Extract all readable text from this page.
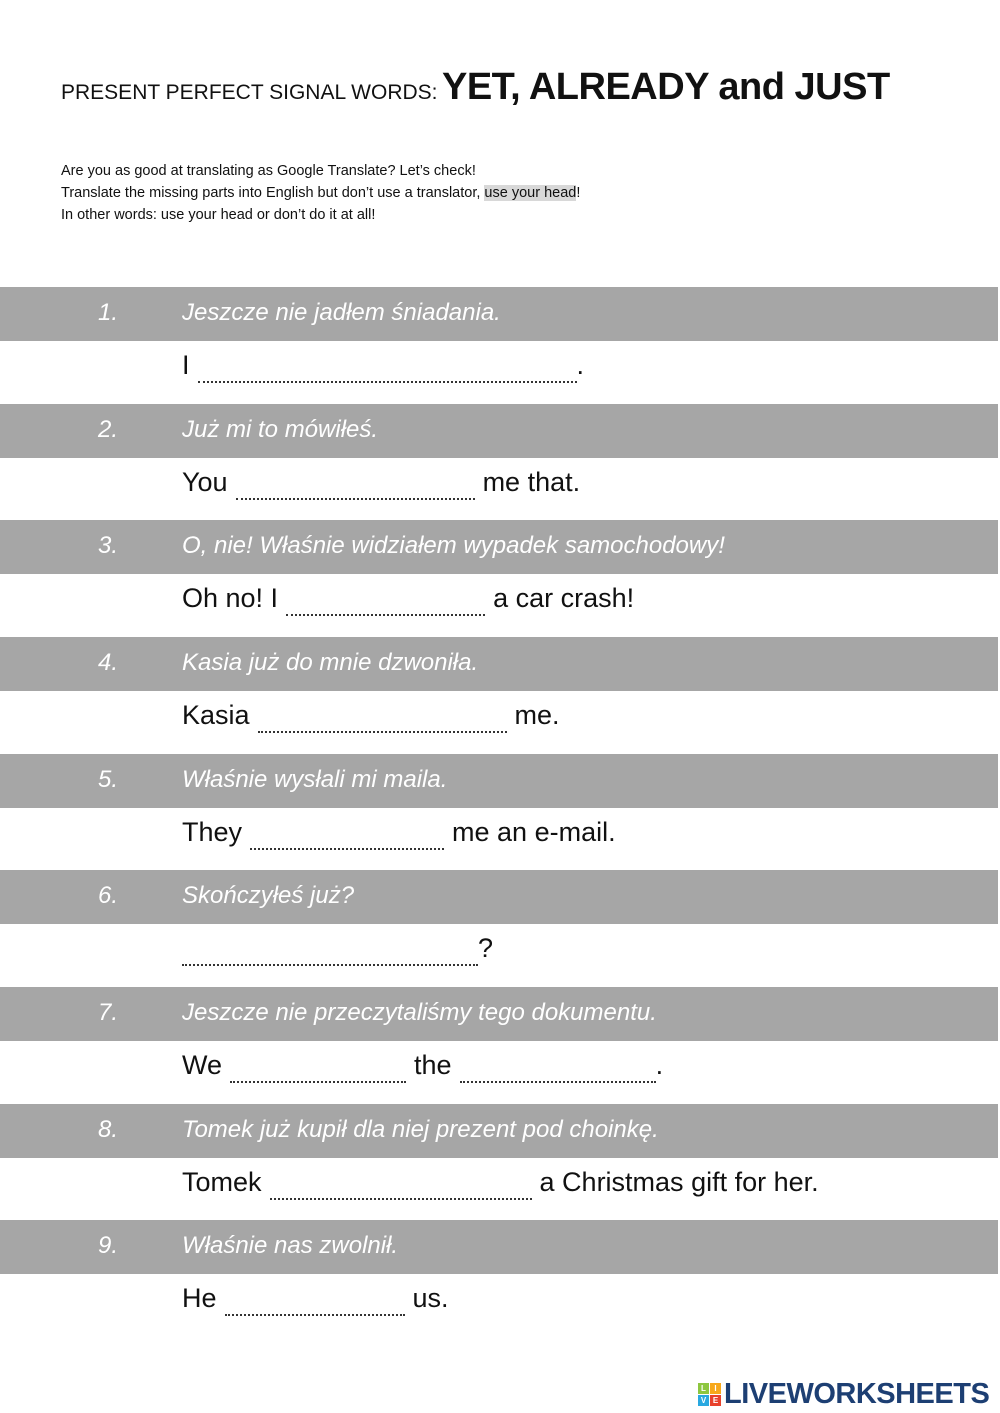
PRESENT PERFECT SIGNAL WORDS: YET, ALREADY and JUST
Are you as good at translating as Google Translate? Let’s check!
Translate the missing parts into English but don’t use a translator, use your head!
In other words: use your head or don’t do it at all!
1.	Jeszcze nie jadłem śniadania.
I	.
2.	Już mi to mówiłeś.
You	me that.
3.	O, nie! Właśnie widziałem wypadek samochodowy!
Oh no! I	a car crash!
4.	Kasia już do mnie dzwoniła.
Kasia	me.
5.	Właśnie wysłali mi maila.
They	me an e-mail.
6.	Skończyłeś już?
?
7.	Jeszcze nie przeczytaliśmy tego dokumentu.
We	the	.
8.	Tomek już kupił dla niej prezent pod choinkę.
Tomek	a Christmas gift for her.
9.	Właśnie nas zwolnił.
He	us.
L	I
V E LIVEWORKSHEETS
